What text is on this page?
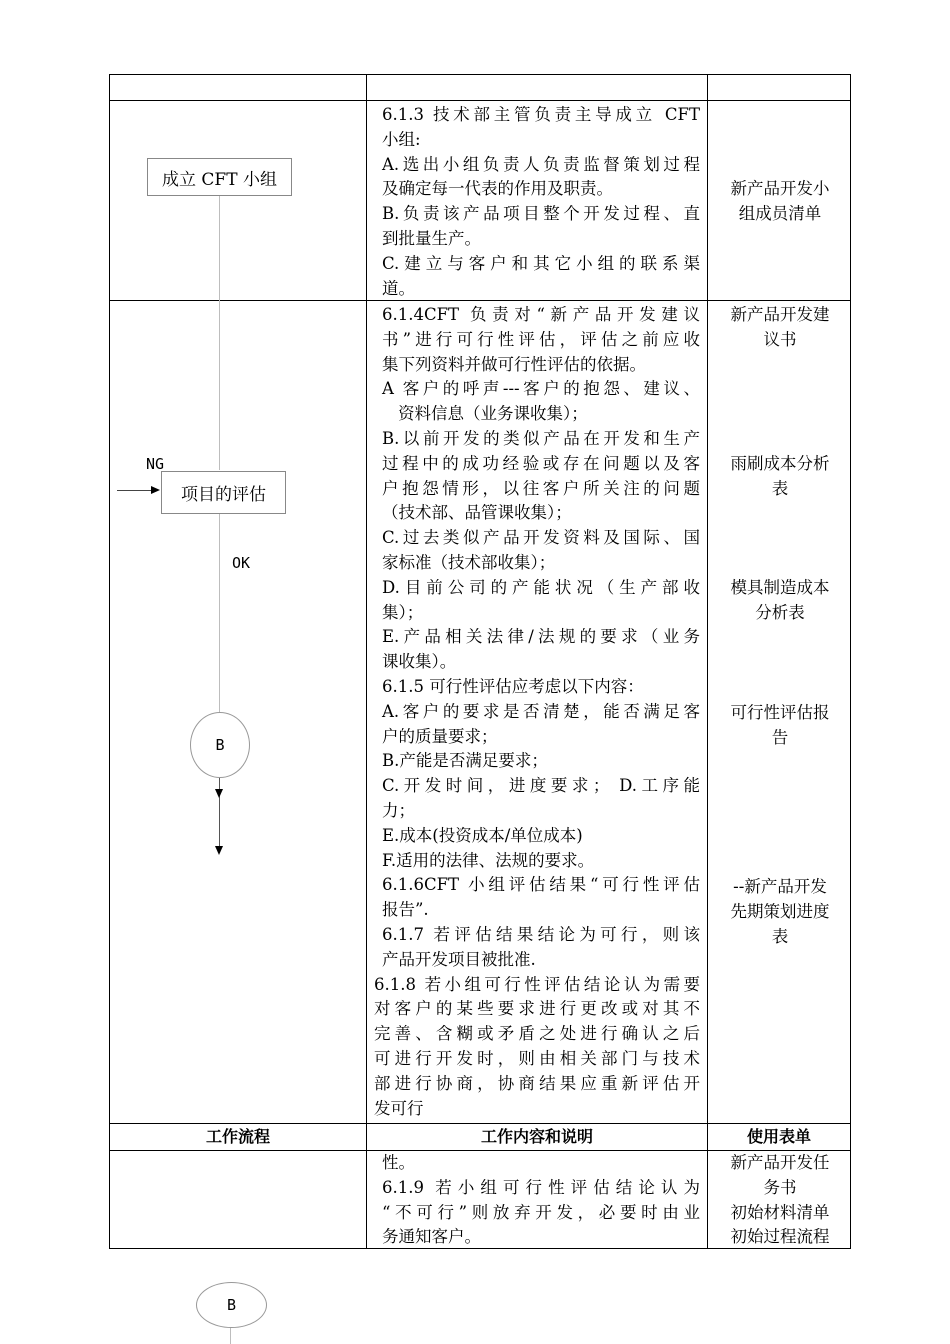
成立 CFT 小组
项目的评估
NG
OK
B
B
6.1.3 技术部主管负责主导成立 CFT
小组:
A.选出小组负责人负责监督策划过程
及确定每一代表的作用及职责。
B.负责该产品项目整个开发过程、直
到批量生产。
C.建立与客户和其它小组的联系渠
道。
新产品开发小
组成员清单
6.1.4CFT 负责对“新产品开发建议
书”进行可行性评估，评估之前应收
集下列资料并做可行性评估的依据。
A 客户的呼声---客户的抱怨、建议、
资料信息（业务课收集）；
B.以前开发的类似产品在开发和生产
过程中的成功经验或存在问题以及客
户抱怨情形，以往客户所关注的问题
（技术部、品管课收集）；
C.过去类似产品开发资料及国际、国
家标准（技术部收集）；
D.目前公司的产能状况（生产部收
集）；
E.产品相关法律/法规的要求（业务
课收集）。
6.1.5 可行性评估应考虑以下内容：
A.客户的要求是否清楚，能否满足客
户的质量要求；
B.产能是否满足要求；
C.开发时间，进度要求； D.工序能
力；
E.成本(投资成本/单位成本)
F.适用的法律、法规的要求。
6.1.6CFT 小组评估结果“可行性评估
报告”.
6.1.7 若评估结果结论为可行，则该
产品开发项目被批准.
6.1.8 若小组可行性评估结论认为需要
对客户的某些要求进行更改或对其不
完善、含糊或矛盾之处进行确认之后
可进行开发时，则由相关部门与技术
部进行协商，协商结果应重新评估开
发可行
新产品开发建
议书
雨刷成本分析
表
模具制造成本
分析表
可行性评估报
告
--新产品开发
先期策划进度
表
工作流程	工作内容和说明	使用表单
性。
6.1.9 若小组可行性评估结论认为
“不可行”则放弃开发，必要时由业
务通知客户。
新产品开发任
务书
初始材料清单
初始过程流程
